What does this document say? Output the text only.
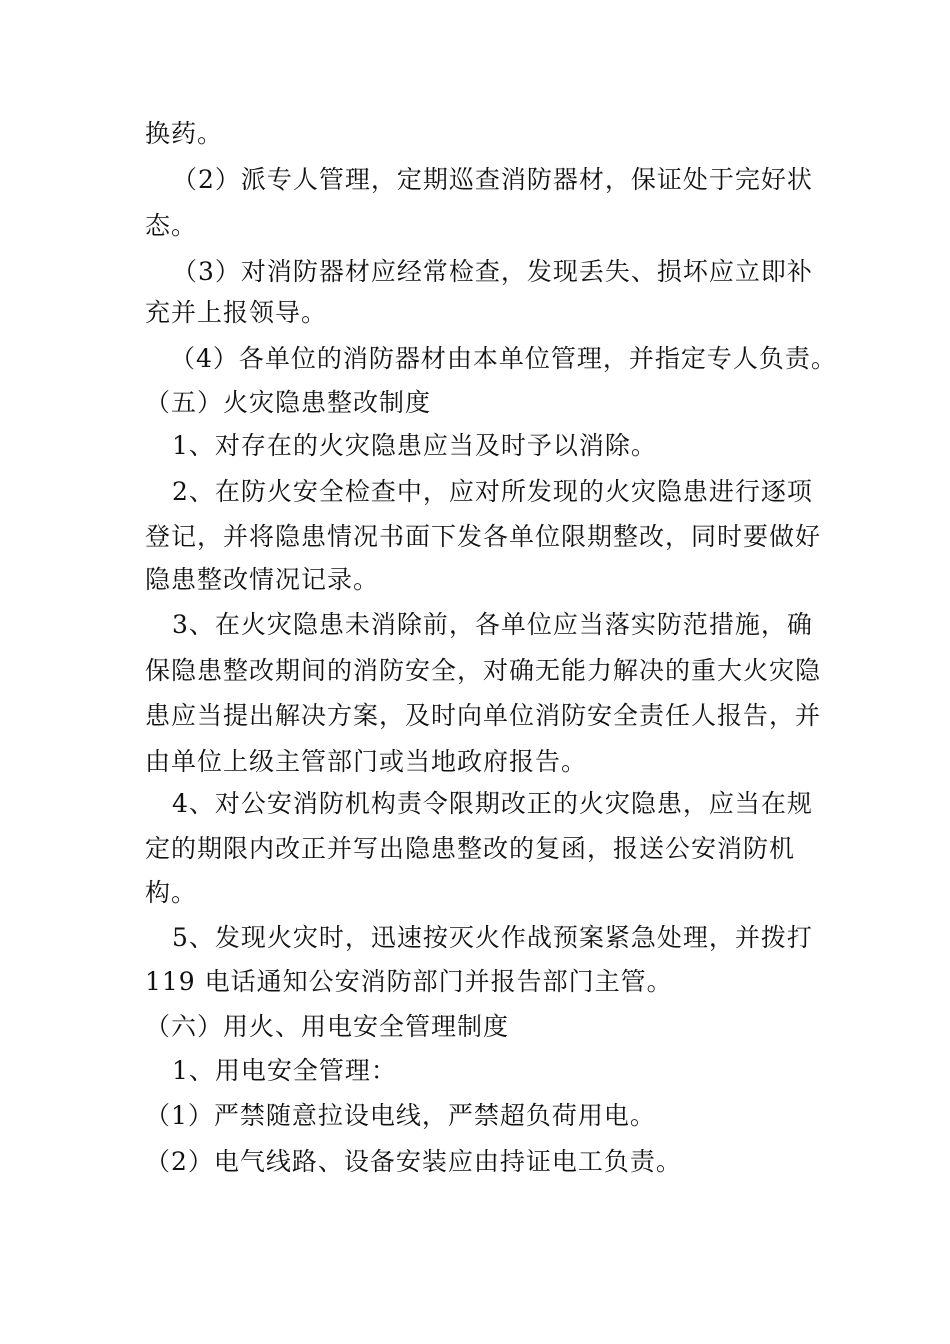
换药。
（2）派专人管理，定期巡查消防器材，保证处于完好状
态。
（3）对消防器材应经常检查，发现丢失、损坏应立即补
充并上报领导。
（4）各单位的消防器材由本单位管理，并指定专人负责。
（五）火灾隐患整改制度
1、对存在的火灾隐患应当及时予以消除。
2、在防火安全检查中，应对所发现的火灾隐患进行逐项
登记，并将隐患情况书面下发各单位限期整改，同时要做好
隐患整改情况记录。
3、在火灾隐患未消除前，各单位应当落实防范措施，确
保隐患整改期间的消防安全，对确无能力解决的重大火灾隐
患应当提出解决方案，及时向单位消防安全责任人报告，并
由单位上级主管部门或当地政府报告。
4、对公安消防机构责令限期改正的火灾隐患，应当在规
定的期限内改正并写出隐患整改的复函，报送公安消防机
构。
5、发现火灾时，迅速按灭火作战预案紧急处理，并拨打
119 电话通知公安消防部门并报告部门主管。
（六）用火、用电安全管理制度
1、用电安全管理：
（1）严禁随意拉设电线，严禁超负荷用电。
（2）电气线路、设备安装应由持证电工负责。
